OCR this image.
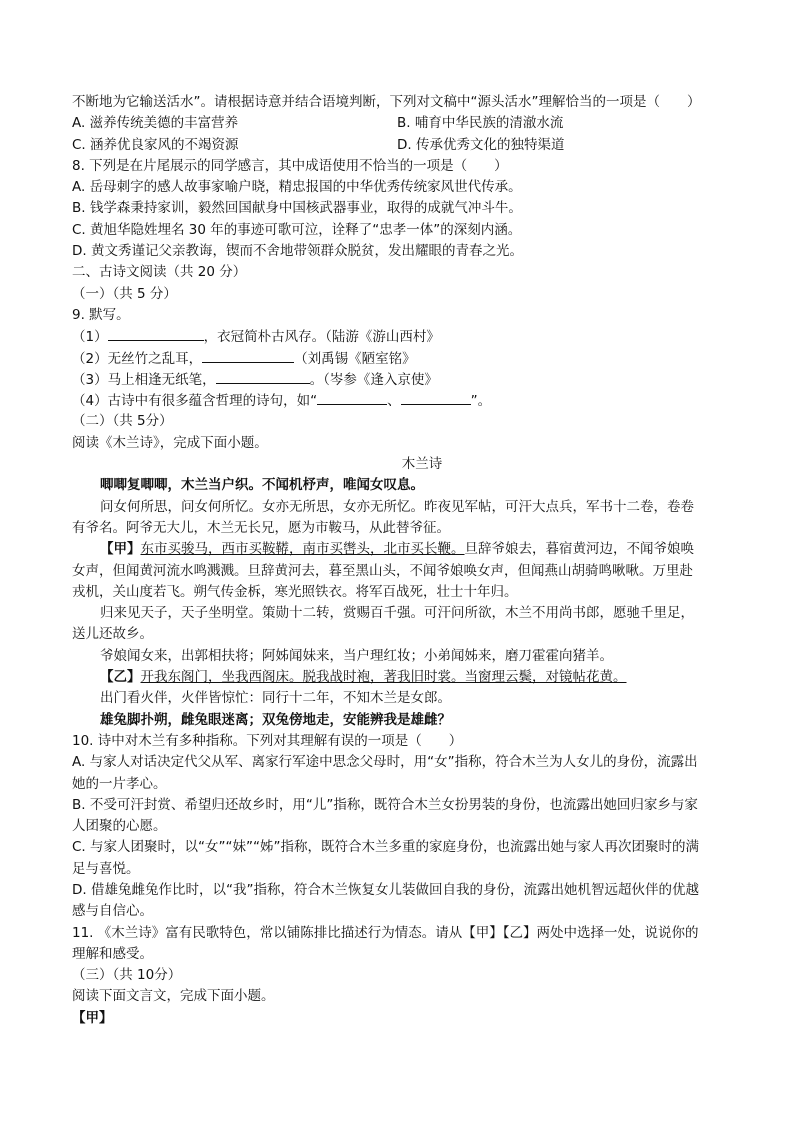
不断地为它输送活水”。请根据诗意并结合语境判断，下列对文稿中“源头活水”理解恰当的一项是（　　）
A. 滋养传统美德的丰富营养	B. 哺育中华民族的清澈水流
C. 涵养优良家风的不竭资源	D. 传承优秀文化的独特渠道
8. 下列是在片尾展示的同学感言，其中成语使用不恰当的一项是（　　）
A. 岳母刺字的感人故事家喻户晓，精忠报国的中华优秀传统家风世代传承。
B. 钱学森秉持家训，毅然回国献身中国核武器事业，取得的成就气冲斗牛。
C. 黄旭华隐姓埋名 30 年的事迹可歌可泣，诠释了“忠孝一体”的深刻内涵。
D. 黄文秀谨记父亲教诲，锲而不舍地带领群众脱贫，发出耀眼的青春之光。
二、古诗文阅读（共 20 分）
（一）（共 5 分）
9. 默写。
（1）	，衣冠简朴古风存。（陆游《游山西村》
（2）无丝竹之乱耳，	（刘禹锡《陋室铭》
（3）马上相逢无纸笔，	。（岑参《逢入京使》
（4）古诗中有很多蕴含哲理的诗句，如“	、	”。
（二）（共 5分）
阅读《木兰诗》，完成下面小题。
木兰诗
唧唧复唧唧，木兰当户织。不闻机杼声，唯闻女叹息。
问女何所思，问女何所忆。女亦无所思，女亦无所忆。昨夜见军帖，可汗大点兵，军书十二卷，卷卷
有爷名。阿爷无大儿，木兰无长兄，愿为市鞍马，从此替爷征。
【甲】东市买骏马，西市买鞍鞯，南市买辔头，北市买长鞭。旦辞爷娘去，暮宿黄河边，不闻爷娘唤
女声，但闻黄河流水鸣溅溅。旦辞黄河去，暮至黑山头，不闻爷娘唤女声，但闻燕山胡骑鸣啾啾。万里赴
戎机，关山度若飞。朔气传金柝，寒光照铁衣。将军百战死，壮士十年归。
归来见天子，天子坐明堂。策勋十二转，赏赐百千强。可汗问所欲，木兰不用尚书郎，愿驰千里足，
送儿还故乡。
爷娘闻女来，出郭相扶将；阿姊闻妹来，当户理红妆；小弟闻姊来，磨刀霍霍向猪羊。
【乙】开我东阁门，坐我西阁床。脱我战时袍，著我旧时裳。当窗理云鬓，对镜帖花黄。
出门看火伴，火伴皆惊忙：同行十二年，不知木兰是女郎。
雄兔脚扑朔，雌兔眼迷离；双兔傍地走，安能辨我是雄雌？
10. 诗中对木兰有多种指称。下列对其理解有误的一项是（　　）
A. 与家人对话决定代父从军、离家行军途中思念父母时，用“女”指称，符合木兰为人女儿的身份，流露出
她的一片孝心。
B. 不受可汗封赏、希望归还故乡时，用“儿”指称，既符合木兰女扮男装的身份，也流露出她回归家乡与家
人团聚的心愿。
C. 与家人团聚时，以“女”“妹”“姊”指称，既符合木兰多重的家庭身份，也流露出她与家人再次团聚时的满
足与喜悦。
D. 借雄兔雌兔作比时，以“我”指称，符合木兰恢复女儿装做回自我的身份，流露出她机智远超伙伴的优越
感与自信心。
11. 《木兰诗》富有民歌特色，常以铺陈排比描述行为情态。请从【甲】【乙】两处中选择一处，说说你的
理解和感受。
（三）（共 10分）
阅读下面文言文，完成下面小题。
【甲】
